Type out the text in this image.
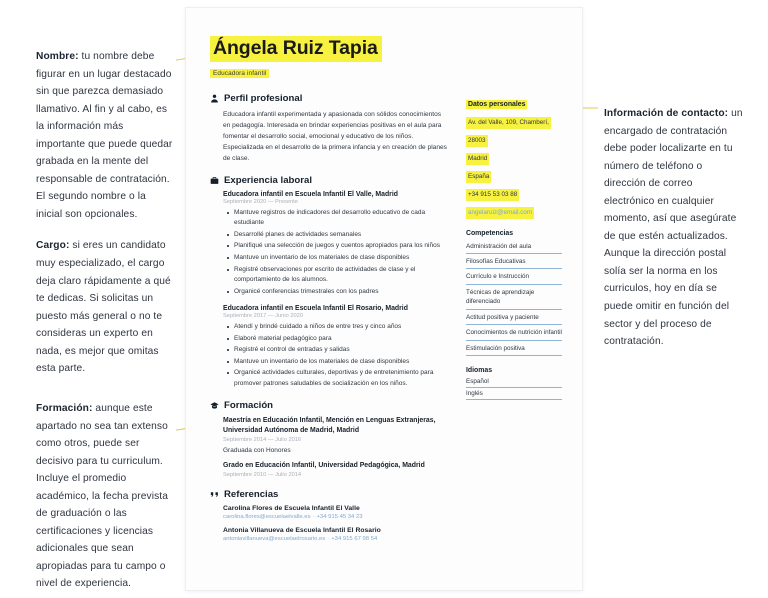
Nombre: tu nombre debe figurar en un lugar destacado sin que parezca demasiado llamativo. Al fin y al cabo, es la información más importante que puede quedar grabada en la mente del responsable de contratación. El segundo nombre o la inicial son opcionales.

Cargo: si eres un candidato muy especializado, el cargo deja claro rápidamente a qué te dedicas. Si solicitas un puesto más general o no te consideras un experto en nada, es mejor que omitas esta parte.

Formación: aunque este apartado no sea tan extenso como otros, puede ser decisivo para tu curriculum. Incluye el promedio académico, la fecha prevista de graduación o las certificaciones y licencias adicionales que sean apropiadas para tu campo o nivel de experiencia.

Información de contacto: un encargado de contratación debe poder localizarte en tu número de teléfono o dirección de correo electrónico en cualquier momento, así que asegúrate de que estén actualizados. Aunque la dirección postal solía ser la norma en los curriculos, hoy en día se puede omitir en función del sector y del proceso de contratación.

Ángela Ruiz Tapia
Educadora infantil
Perfil profesional

Educadora infantil experimentada y apasionada con sólidos conocimientos en pedagogía. Interesada en brindar experiencias positivas en el aula para fomentar el desarrollo social, emocional y educativo de los niños. Especializada en el desarrollo de la primera infancia y en creación de planes de clase.

Experiencia laboral
Educadora infantil en Escuela Infantil El Valle, Madrid
Septiembre 2020 — Presente
Mantuve registros de indicadores del desarrollo educativo de cada estudiante
Desarrollé planes de actividades semanales
Planifiqué una selección de juegos y cuentos apropiados para los niños
Mantuve un inventario de los materiales de clase disponibles
Registré observaciones por escrito de actividades de clase y el comportamiento de los alumnos.
Organicé conferencias trimestrales con los padres
Educadora infantil en Escuela Infantil El Rosario, Madrid
Septiembre 2017 — Junio 2020
Atendí y brindé cuidado a niños de entre tres y cinco años
Elaboré material pedagógico para
Registré el control de entradas y salidas
Mantuve un inventario de los materiales de clase disponibles
Organicé actividades culturales, deportivas y de entretenimiento para promover patrones saludables de socialización en los niños.
Formación
Maestría en Educación Infantil, Mención en Lenguas Extranjeras, Universidad Autónoma de Madrid, Madrid
Septiembre 2014 — Julio 2016
Graduada con Honores
Grado en Educación Infantil, Universidad Pedagógica, Madrid
Septiembre 2010 — Julio 2014
Referencias
Carolina Flores de Escuela Infantil El Valle
carolina.flores@escuelaelvalle.es · +34 915 45 34 23
Antonia Villanueva de Escuela Infantil El Rosario
antoniavillanueva@escuelaelrosario.es · +34 915 67 98 54
Datos personales
Av. del Valle, 109, Chamberí,
28003
Madrid
España
+34 915 53 03 88
angelaruiz@email.com
Competencias
Administración del aula
Filosofías Educativas
Currículo e Instrucción
Técnicas de aprendizaje diferenciado
Actitud positiva y paciente
Conocimientos de nutrición infantil
Estimulación positiva
Idiomas
Español
Inglés
